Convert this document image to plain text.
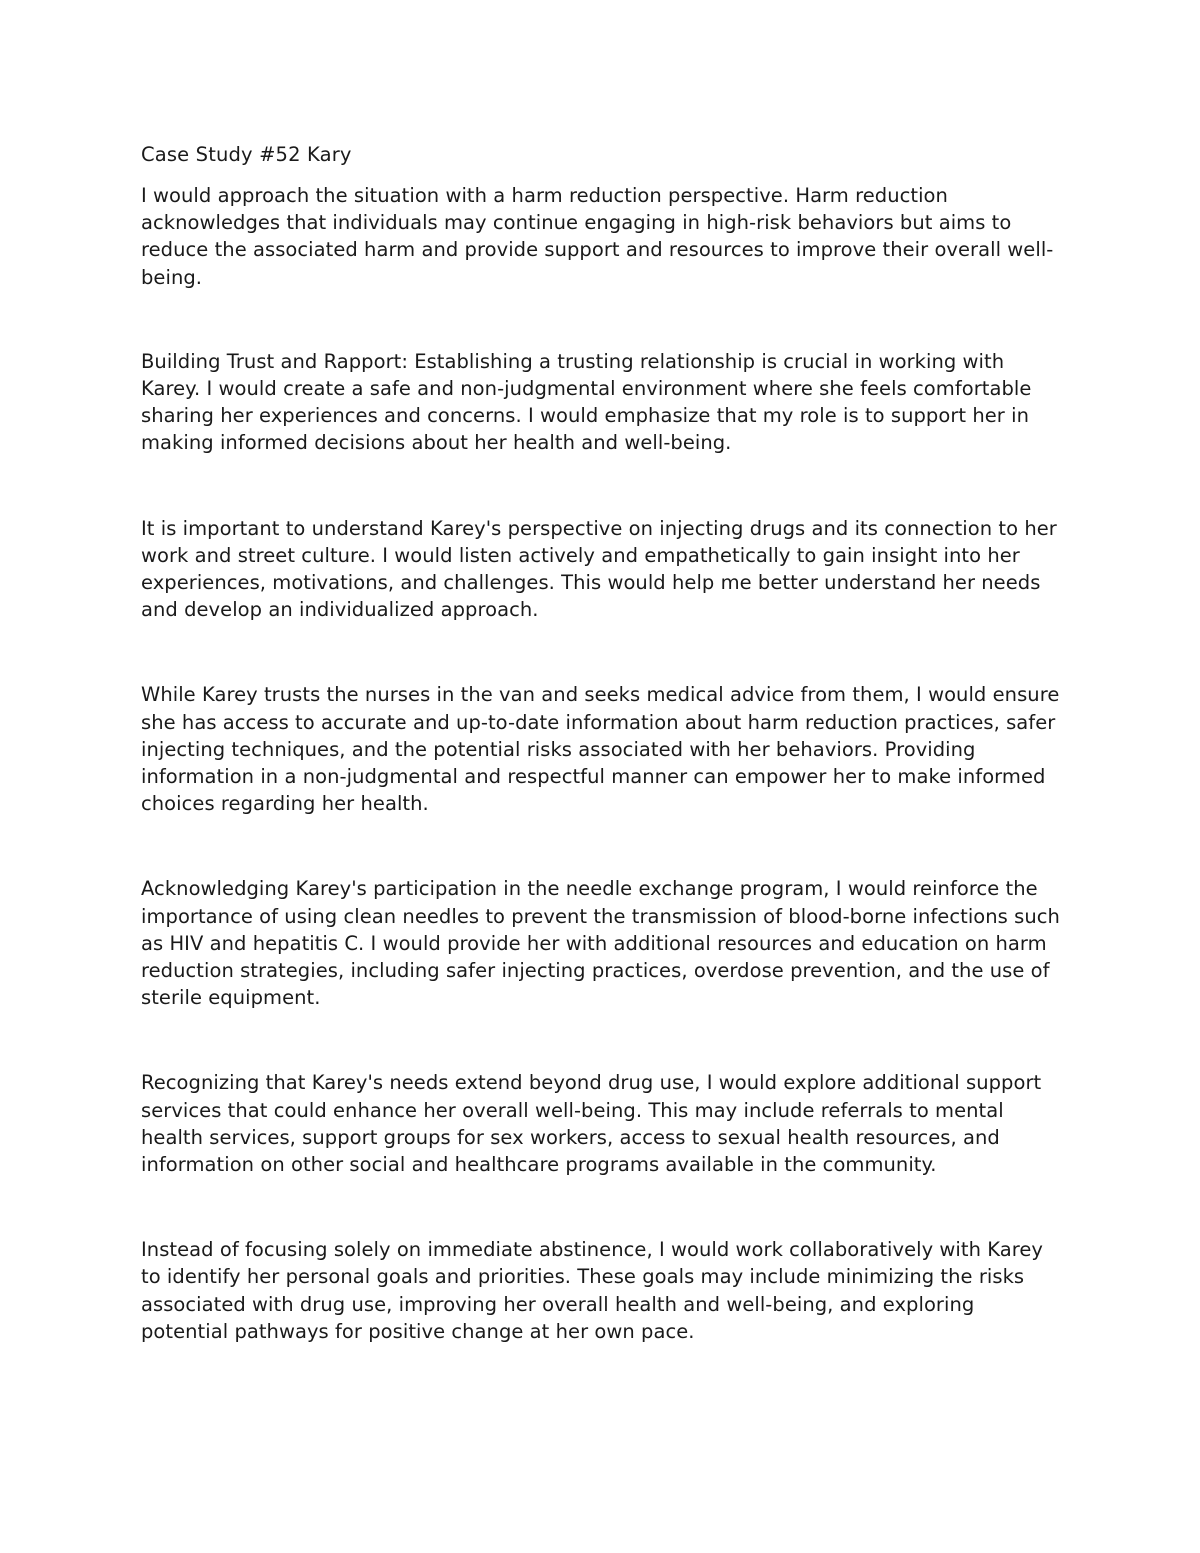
Case Study #52 Kary

I would approach the situation with a harm reduction perspective. Harm reduction acknowledges that individuals may continue engaging in high-risk behaviors but aims to reduce the associated harm and provide support and resources to improve their overall well-being.

Building Trust and Rapport: Establishing a trusting relationship is crucial in working with Karey. I would create a safe and non-judgmental environment where she feels comfortable sharing her experiences and concerns. I would emphasize that my role is to support her in making informed decisions about her health and well-being.

It is important to understand Karey's perspective on injecting drugs and its connection to her work and street culture. I would listen actively and empathetically to gain insight into her experiences, motivations, and challenges. This would help me better understand her needs and develop an individualized approach.

While Karey trusts the nurses in the van and seeks medical advice from them, I would ensure she has access to accurate and up-to-date information about harm reduction practices, safer injecting techniques, and the potential risks associated with her behaviors. Providing information in a non-judgmental and respectful manner can empower her to make informed choices regarding her health.

Acknowledging Karey's participation in the needle exchange program, I would reinforce the importance of using clean needles to prevent the transmission of blood-borne infections such as HIV and hepatitis C. I would provide her with additional resources and education on harm reduction strategies, including safer injecting practices, overdose prevention, and the use of sterile equipment.

Recognizing that Karey's needs extend beyond drug use, I would explore additional support services that could enhance her overall well-being. This may include referrals to mental health services, support groups for sex workers, access to sexual health resources, and information on other social and healthcare programs available in the community.

Instead of focusing solely on immediate abstinence, I would work collaboratively with Karey to identify her personal goals and priorities. These goals may include minimizing the risks associated with drug use, improving her overall health and well-being, and exploring potential pathways for positive change at her own pace.
